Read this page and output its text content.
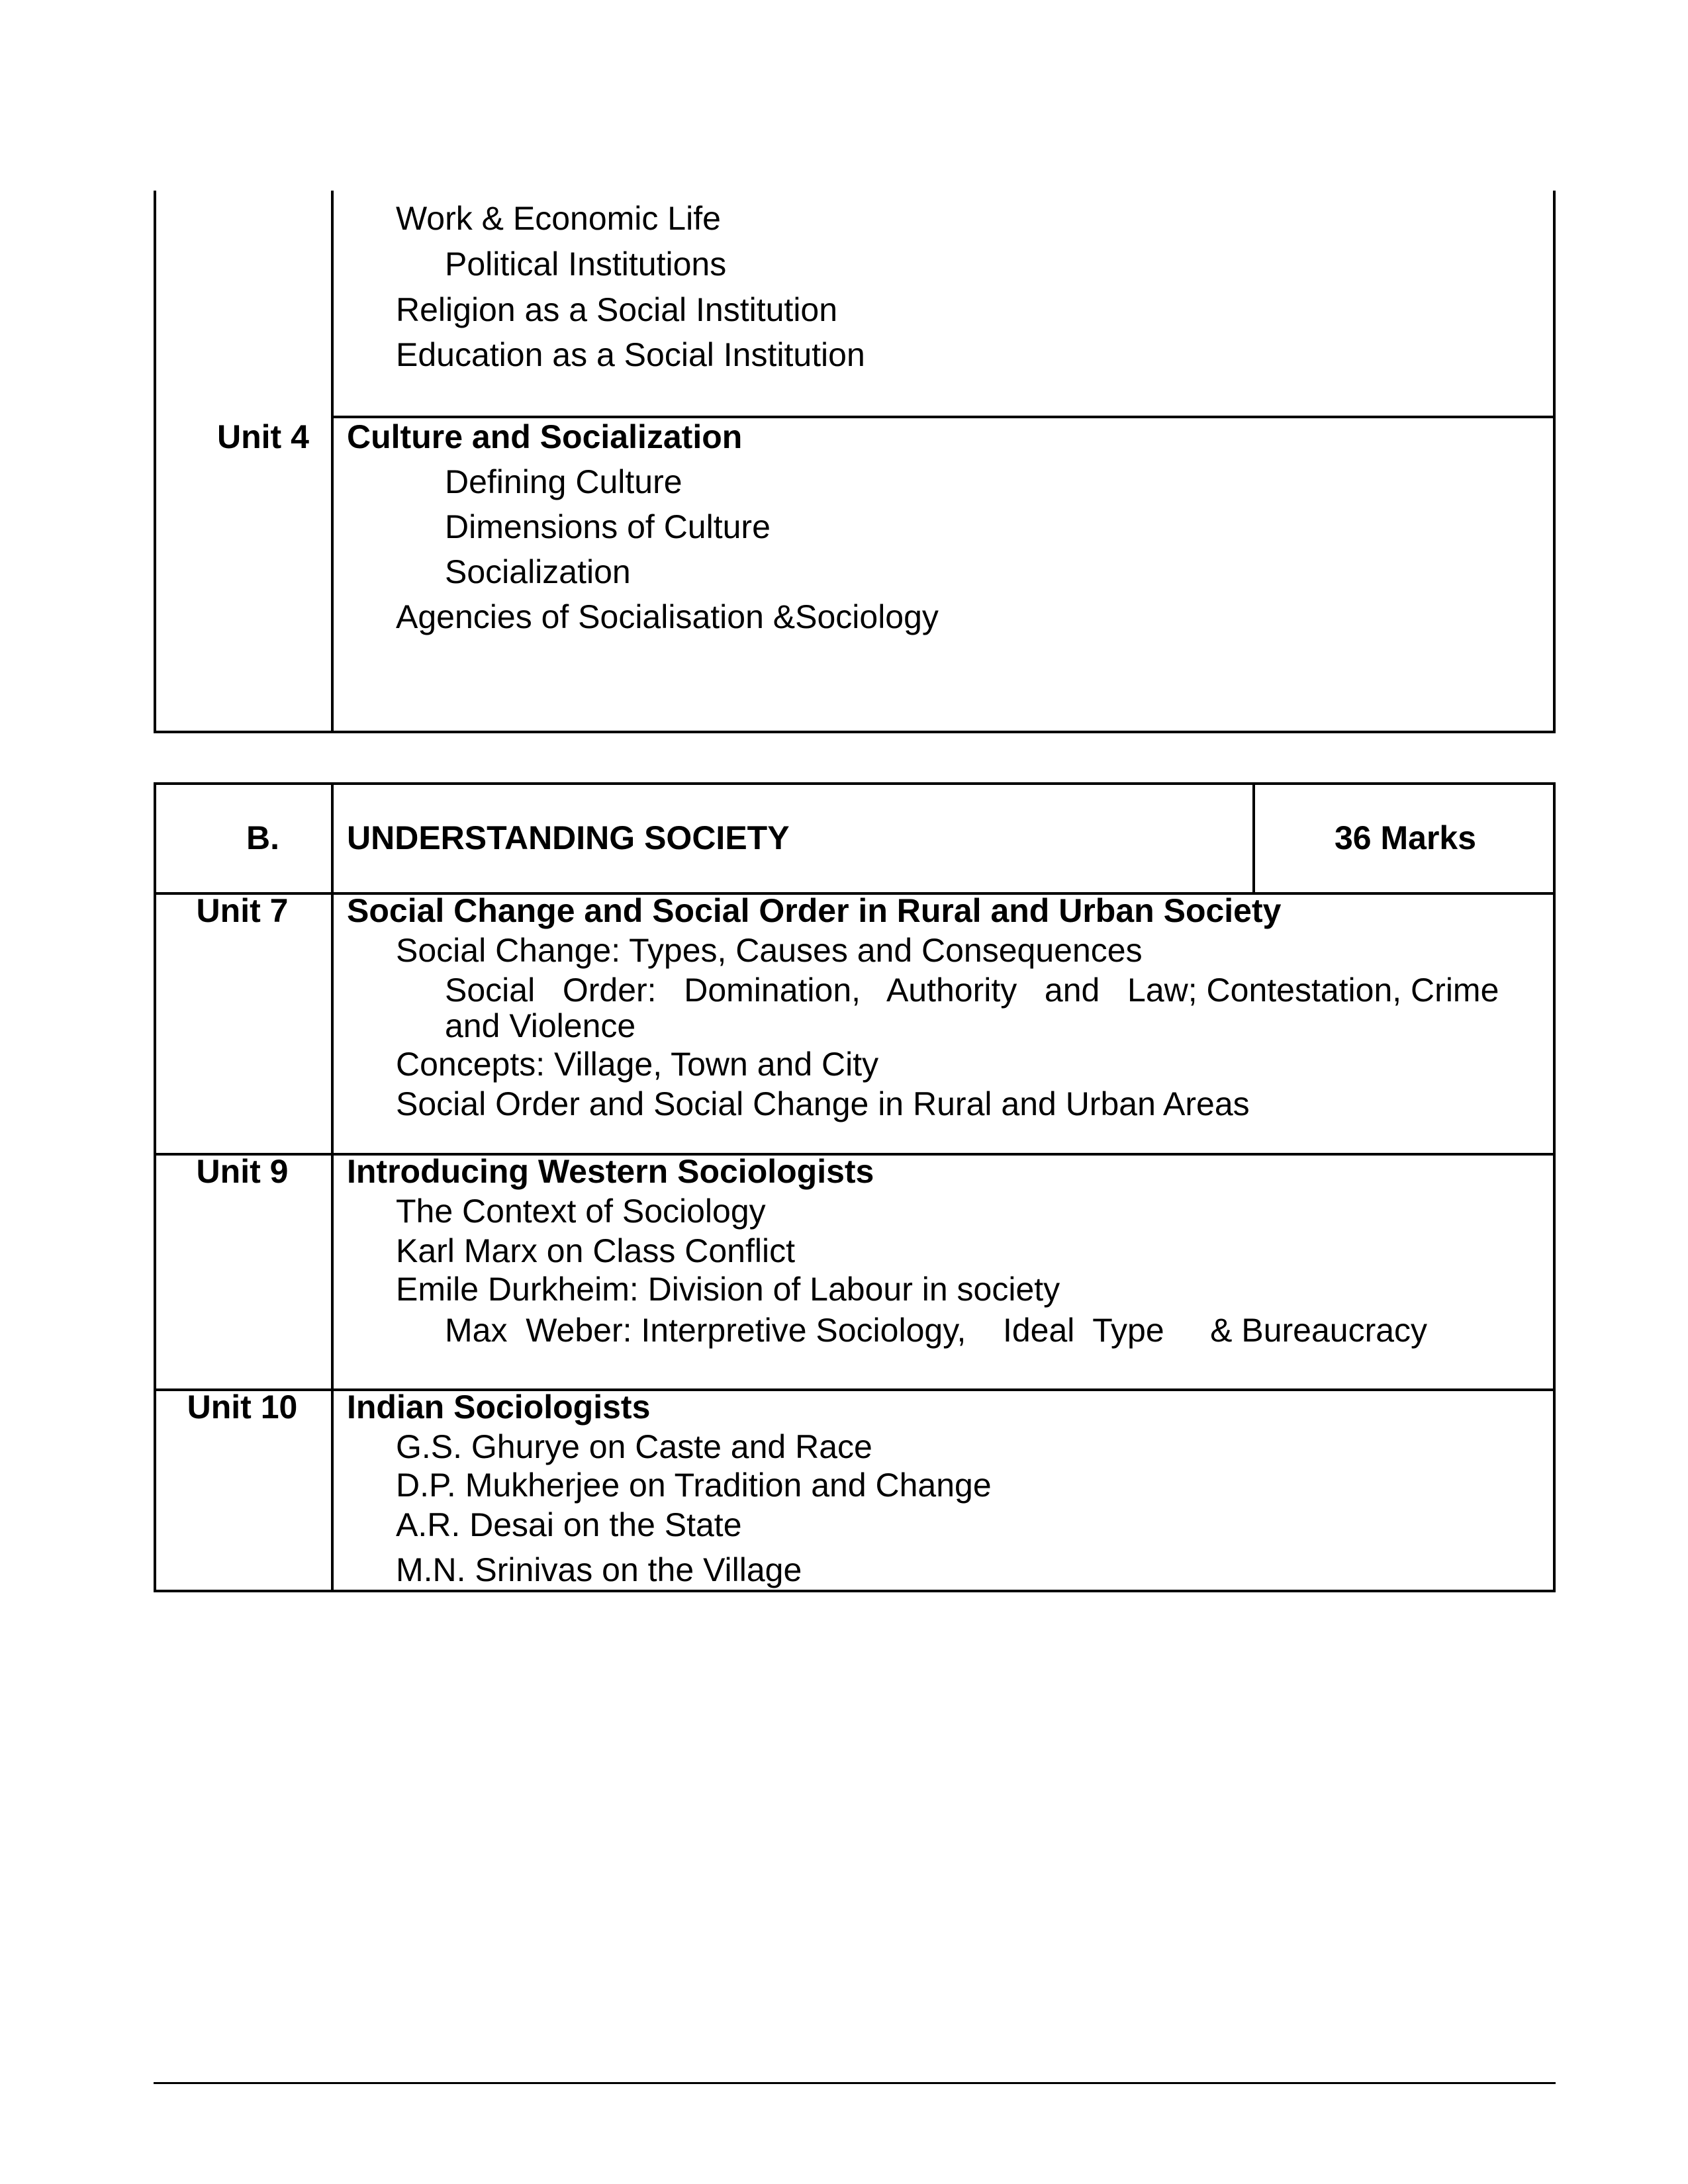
Work & Economic Life
Political Institutions
Religion as a Social Institution
Education as a Social Institution
Unit 4 Culture and Socialization
Defining Culture
Dimensions of Culture
Socialization
Agencies of Socialisation &Sociology
B. UNDERSTANDING SOCIETY	36 Marks
Unit 7	Social Change and Social Order in Rural and Urban Society
Social Change: Types, Causes and Consequences
Social   Order:   Domination,   Authority   and   Law; Contestation, Crime
and Violence
Concepts: Village, Town and City
Social Order and Social Change in Rural and Urban Areas
Unit 9	Introducing Western Sociologists
The Context of Sociology
Karl Marx on Class Conflict
Emile Durkheim: Division of Labour in society
Max  Weber: Interpretive Sociology,    Ideal  Type     & Bureaucracy
Unit 10	Indian Sociologists
G.S. Ghurye on Caste and Race
D.P. Mukherjee on Tradition and Change
A.R. Desai on the State
M.N. Srinivas on the Village
